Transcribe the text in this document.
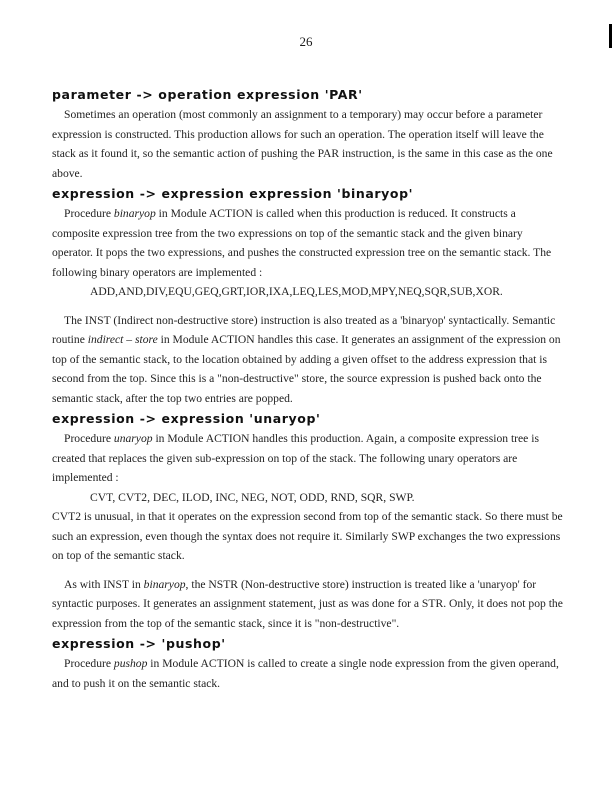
26
parameter -> operation expression 'PAR'
Sometimes an operation (most commonly an assignment to a temporary) may occur before a parameter
expression is constructed. This production allows for such an operation. The operation itself will leave the
stack as it found it, so the semantic action of pushing the PAR instruction, is the same in this case as the one
above.
expression -> expression expression 'binaryop'
Procedure binaryop in Module ACTION is called when this production is reduced. It constructs a
composite expression tree from the two expressions on top of the semantic stack and the given binary
operator. It pops the two expressions, and pushes the constructed expression tree on the semantic stack. The
following binary operators are implemented :
ADD,AND,DIV,EQU,GEQ,GRT,IOR,IXA,LEQ,LES,MOD,MPY,NEQ,SQR,SUB,XOR.
The INST (Indirect non-destructive store) instruction is also treated as a 'binaryop' syntactically. Semantic
routine indirect – store in Module ACTION handles this case. It generates an assignment of the expression on
top of the semantic stack, to the location obtained by adding a given offset to the address expression that is
second from the top. Since this is a "non-destructive" store, the source expression is pushed back onto the
semantic stack, after the top two entries are popped.
expression -> expression 'unaryop'
Procedure unaryop in Module ACTION handles this production. Again, a composite expression tree is
created that replaces the given sub-expression on top of the stack. The following unary operators are
implemented :
CVT, CVT2, DEC, ILOD, INC, NEG, NOT, ODD, RND, SQR, SWP.
CVT2 is unusual, in that it operates on the expression second from top of the semantic stack. So there must be
such an expression, even though the syntax does not require it. Similarly SWP exchanges the two expressions
on top of the semantic stack.
As with INST in binaryop, the NSTR (Non-destructive store) instruction is treated like a 'unaryop' for
syntactic purposes. It generates an assignment statement, just as was done for a STR. Only, it does not pop the
expression from the top of the semantic stack, since it is "non-destructive".
expression -> 'pushop'
Procedure pushop in Module ACTION is called to create a single node expression from the given operand,
and to push it on the semantic stack.
